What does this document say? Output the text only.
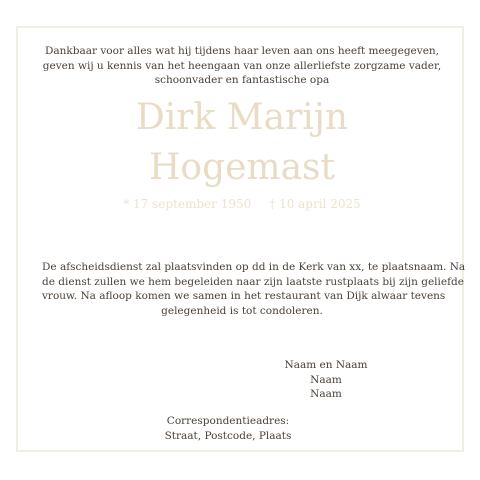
Dankbaar voor alles wat hij tijdens haar leven aan ons heeft meegegeven,
geven wij u kennis van het heengaan van onze allerliefste zorgzame vader,
schoonvader en fantastische opa
Dirk Marijn
Hogemast
* 17 september 1950 † 10 april 2025
De afscheidsdienst zal plaatsvinden op dd in de Kerk van xx, te plaatsnaam. Na
de dienst zullen we hem begeleiden naar zijn laatste rustplaats bij zijn geliefde
vrouw. Na afloop komen we samen in het restaurant van Dijk alwaar tevens
gelegenheid is tot condoleren.
Naam en Naam
Naam
Naam
Correspondentieadres:
Straat, Postcode, Plaats
